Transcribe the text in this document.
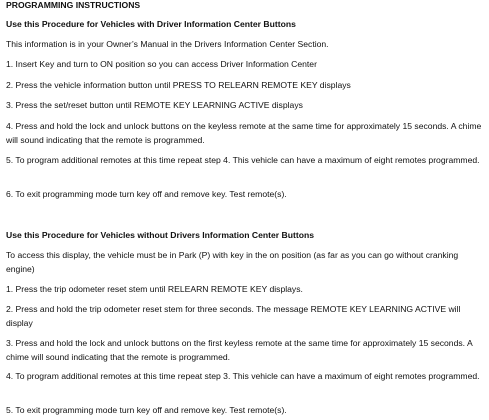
PROGRAMMING INSTRUCTIONS
Use this Procedure for Vehicles with Driver Information Center Buttons
This information is in your Owner’s Manual in the Drivers Information Center Section.
1. Insert Key and turn to ON position so you can access Driver Information Center
2. Press the vehicle information button until PRESS TO RELEARN REMOTE KEY displays
3. Press the set/reset button until REMOTE KEY LEARNING ACTIVE displays
4. Press and hold the lock and unlock buttons on the keyless remote at the same time for approximately 15 seconds. A chime will sound indicating that the remote is programmed.
5. To program additional remotes at this time repeat step 4. This vehicle can have a maximum of eight remotes programmed.
6. To exit programming mode turn key off and remove key. Test remote(s).
Use this Procedure for Vehicles without Drivers Information Center Buttons
To access this display, the vehicle must be in Park (P) with key in the on position (as far as you can go without cranking engine)
1. Press the trip odometer reset stem until RELEARN REMOTE KEY displays.
2. Press and hold the trip odometer reset stem for three seconds. The message REMOTE KEY LEARNING ACTIVE will display
3. Press and hold the lock and unlock buttons on the first keyless remote at the same time for approximately 15 seconds. A chime will sound indicating that the remote is programmed.
4. To program additional remotes at this time repeat step 3. This vehicle can have a maximum of eight remotes programmed.
5. To exit programming mode turn key off and remove key. Test remote(s).
